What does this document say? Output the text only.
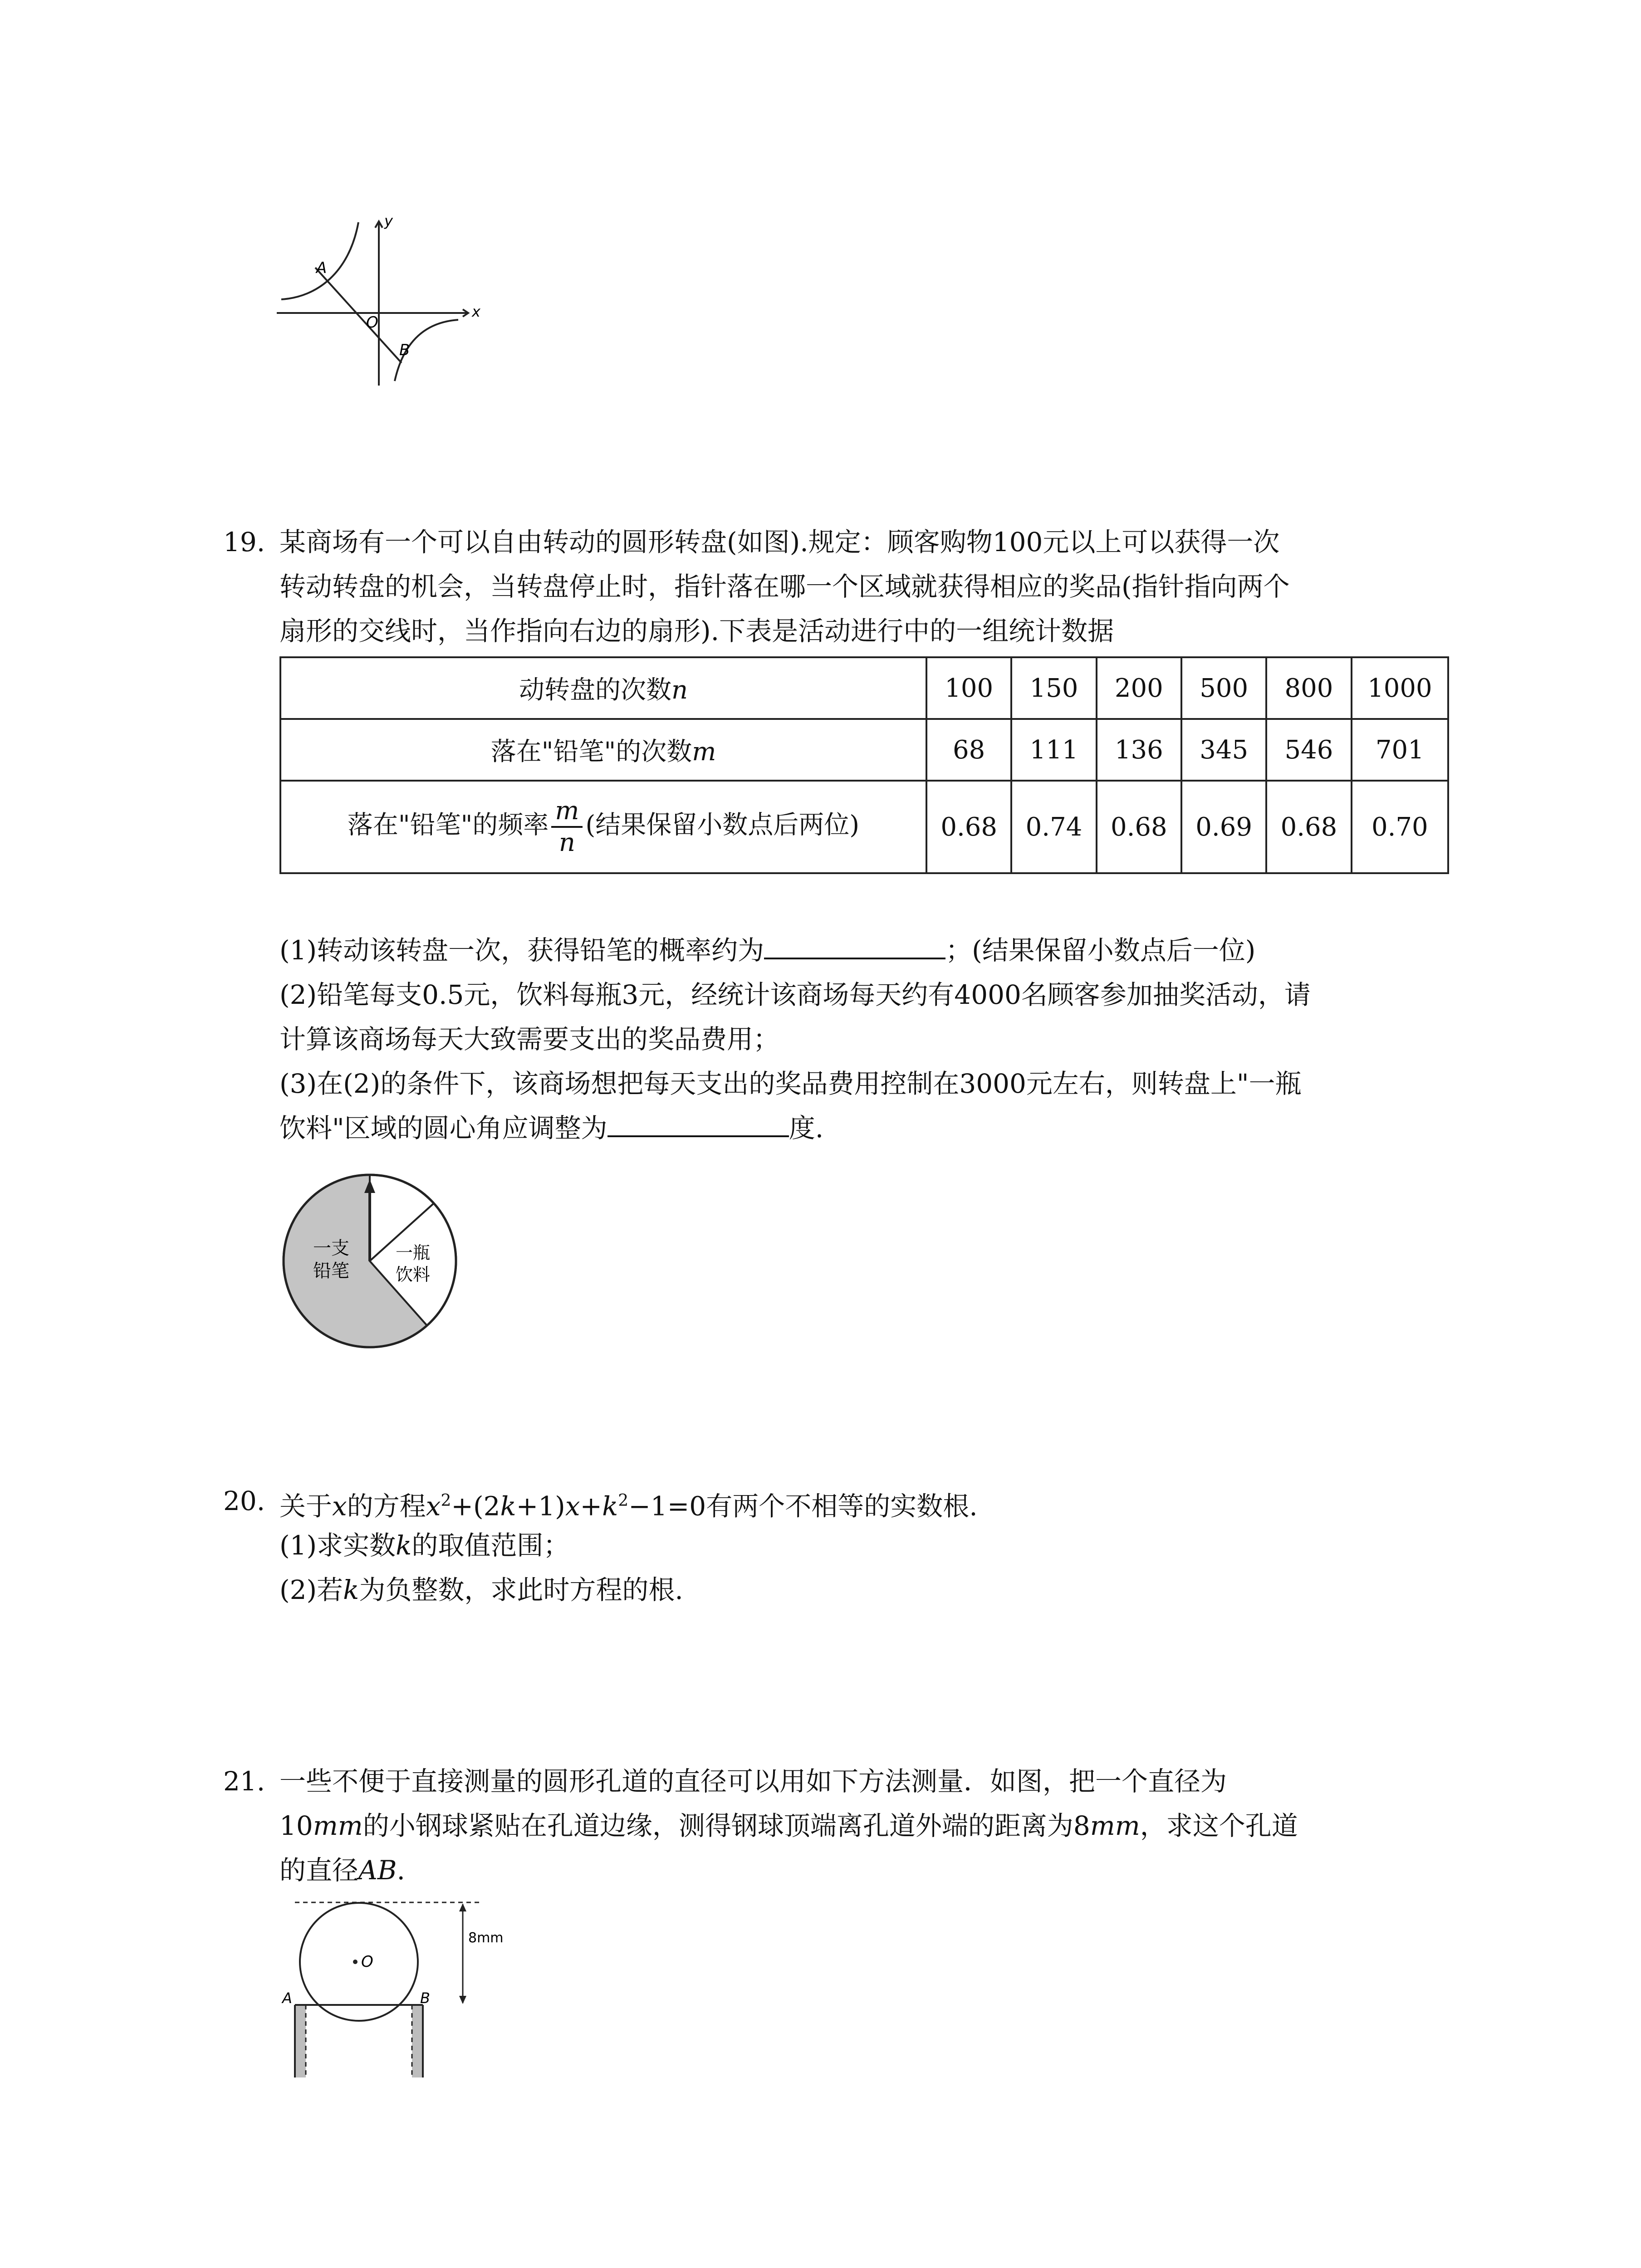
A
B
O
x
y
19. 某商场有一个可以自由转动的圆形转盘(如图).规定：顾客购物100元以上可以获得一次
转动转盘的机会，当转盘停止时，指针落在哪一个区域就获得相应的奖品(指针指向两个
扇形的交线时，当作指向右边的扇形).下表是活动进行中的一组统计数据
动转盘的次数n	100	150	200	500	800	1000
落在"铅笔"的次数m	68	111	136	345	546	701
落在"铅笔"的频率 $\frac{m}{n}$ (结果保留小数点后两位)	0.68	0.74	0.68	0.69	0.68	0.70
(1)转动该转盘一次，获得铅笔的概率约为	；(结果保留小数点后一位)
(2)铅笔每支0.5元，饮料每瓶3元，经统计该商场每天约有4000名顾客参加抽奖活动，请
计算该商场每天大致需要支出的奖品费用；
(3)在(2)的条件下，该商场想把每天支出的奖品费用控制在3000元左右，则转盘上"一瓶
饮料"区域的圆心角应调整为	度.
一支
铅笔
一瓶
饮料
20. 关于x的方程$x^2+(2k+1)x+k^2-1=0$有两个不相等的实数根.
(1)求实数k的取值范围；
(2)若k为负整数，求此时方程的根.
21. 一些不便于直接测量的圆形孔道的直径可以用如下方法测量．如图，把一个直径为
10mm的小钢球紧贴在孔道边缘，测得钢球顶端离孔道外端的距离为8mm，求这个孔道
的直径AB.
O
A	B
8mm
